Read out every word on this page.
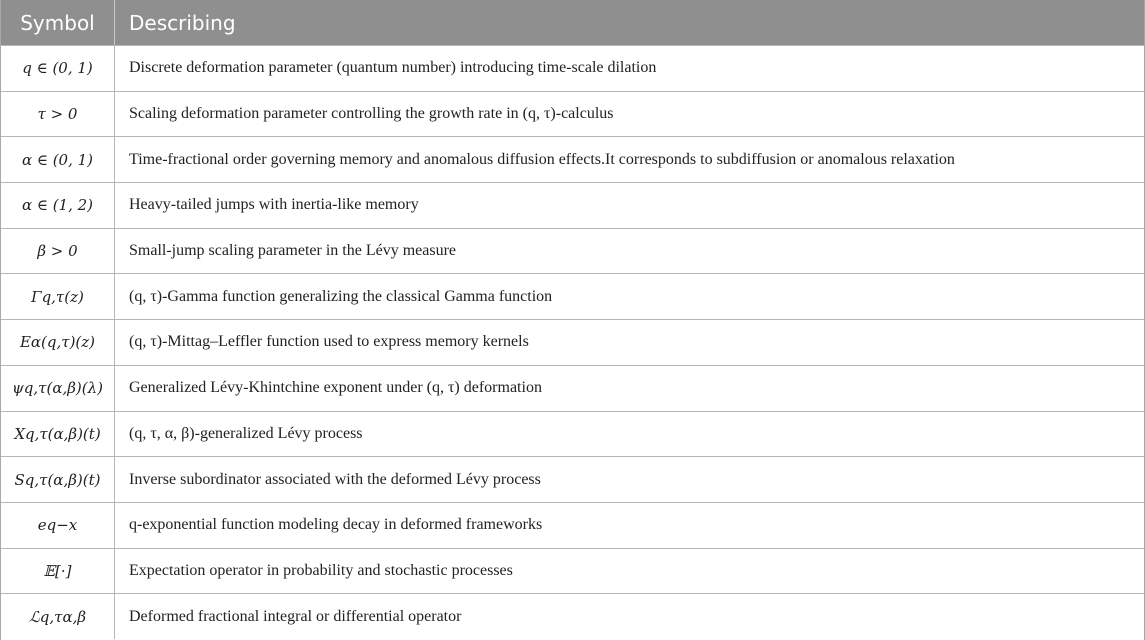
Symbol	Describing
q ∈ (0, 1)	Discrete deformation parameter (quantum number) introducing time-scale dilation
τ > 0	Scaling deformation parameter controlling the growth rate in (q, τ)-calculus
α ∈ (0, 1)	Time-fractional order governing memory and anomalous diffusion effects.It corresponds to subdiffusion or anomalous relaxation
α ∈ (1, 2)	Heavy-tailed jumps with inertia-like memory
β > 0	Small-jump scaling parameter in the Lévy measure
Γq,τ(z)	(q, τ)-Gamma function generalizing the classical Gamma function
Eα(q,τ)(z)	(q, τ)-Mittag–Leffler function used to express memory kernels
ψq,τ(α,β)(λ)	Generalized Lévy-Khintchine exponent under (q, τ) deformation
Xq,τ(α,β)(t)	(q, τ, α, β)-generalized Lévy process
Sq,τ(α,β)(t)	Inverse subordinator associated with the deformed Lévy process
eq−x	q-exponential function modeling decay in deformed frameworks
𝔼[·]	Expectation operator in probability and stochastic processes
ℒq,τα,β	Deformed fractional integral or differential operator
